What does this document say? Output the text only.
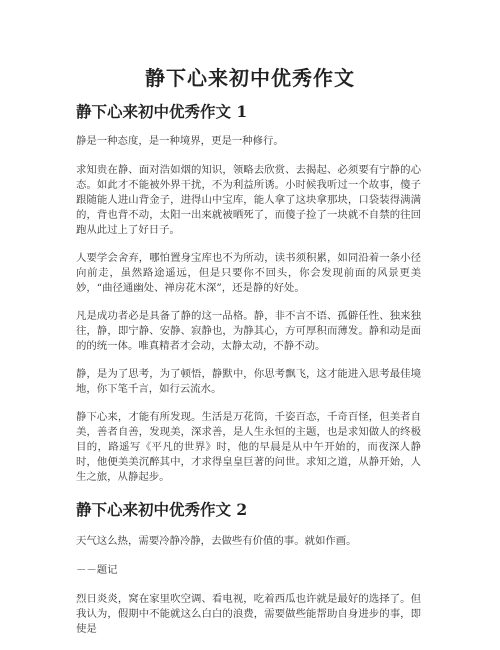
静下心来初中优秀作文
静下心来初中优秀作文 1

静是一种态度，是一种境界，更是一种修行。

求知贵在静、面对浩如烟的知识，领略去欣赏、去揭起、必须要有宁静的心态。如此才不能被外界干扰，不为利益所诱。小时候我听过一个故事，傻子跟随能人进山背金子，进得山中宝库，能人拿了这块拿那块，口袋装得满满的，背也背不动，太阳一出来就被晒死了，而傻子捡了一块就不自禁的往回跑从此过上了好日子。

人要学会舍弃，哪怕置身宝库也不为所动，读书须积累，如同沿着一条小径向前走，虽然路途遥远，但是只要你不回头，你会发现前面的风景更美妙，“曲径通幽处、禅房花木深”，还是静的好处。

凡是成功者必是具备了静的这一品格。静，非不言不语、孤僻任性、独来独往，静，即宁静、安静、寂静也，为静其心，方可厚积而薄发。静和动是面的的统一体。唯真精者才会动，太静太动，不静不动。

静，是为了思考，为了顿悟，静默中，你思考飘飞，这才能进入思考最佳境地，你下笔千言，如行云流水。

静下心来，才能有所发现。生活是万花筒，千姿百态，千奇百怪，但美者自美，善者自善，发现美，深求善，是人生永恒的主题，也是求知做人的终极目的，路遥写《平凡的世界》时，他的早晨是从中午开始的，而夜深人静时，他便美美沉醉其中，才求得皇皇巨著的问世。求知之道，从静开始，人生之旅，从静起步。

静下心来初中优秀作文 2

天气这么热，需要冷静冷静，去做些有价值的事。就如作画。

－－题记

烈日炎炎，窝在家里吹空调、看电视，吃着西瓜也许就是最好的选择了。但我认为，假期中不能就这么白白的浪费，需要做些能帮助自身进步的事，即使是
